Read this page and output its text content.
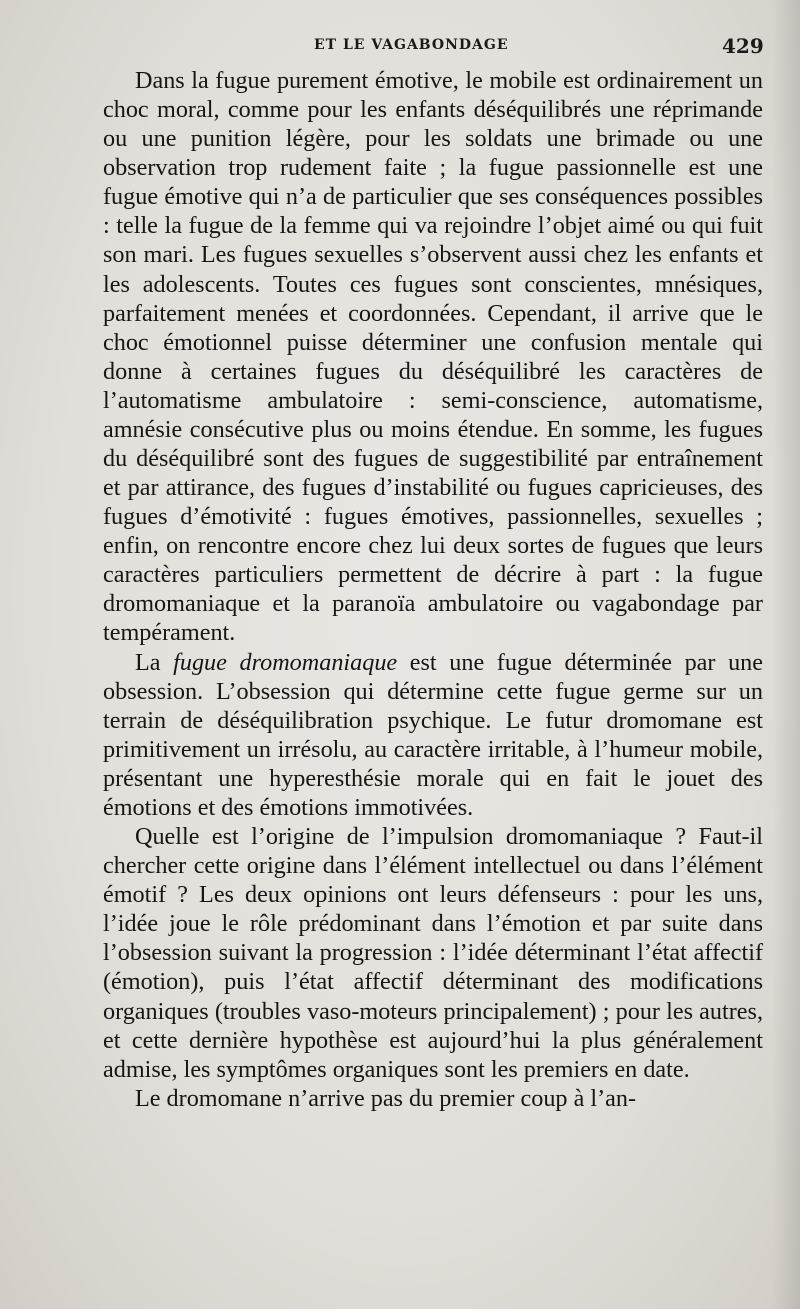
ET LE VAGABONDAGE	429

Dans la fugue purement émotive, le mobile est ordinairement un choc moral, comme pour les enfants déséquilibrés une réprimande ou une punition légère, pour les soldats une brimade ou une observation trop rudement faite ; la fugue passionnelle est une fugue émotive qui n’a de particulier que ses conséquences possibles : telle la fugue de la femme qui va rejoindre l’objet aimé ou qui fuit son mari. Les fugues sexuelles s’observent aussi chez les enfants et les adolescents. Toutes ces fugues sont conscientes, mnésiques, parfaitement menées et coordonnées. Cependant, il arrive que le choc émotionnel puisse déterminer une confusion mentale qui donne à certaines fugues du déséquilibré les caractères de l’automatisme ambulatoire : semi-conscience, automatisme, amnésie consécutive plus ou moins étendue. En somme, les fugues du déséquilibré sont des fugues de suggestibilité par entraînement et par attirance, des fugues d’instabilité ou fugues capricieuses, des fugues d’émotivité : fugues émotives, passionnelles, sexuelles ; enfin, on rencontre encore chez lui deux sortes de fugues que leurs caractères particuliers permettent de décrire à part : la fugue dromomaniaque et la paranoïa ambulatoire ou vagabondage par tempérament.

La fugue dromomaniaque est une fugue déterminée par une obsession. L’obsession qui détermine cette fugue germe sur un terrain de déséquilibration psychique. Le futur dromomane est primitivement un irrésolu, au caractère irritable, à l’humeur mobile, présentant une hyperesthésie morale qui en fait le jouet des émotions et des émotions immotivées.

Quelle est l’origine de l’impulsion dromomaniaque ? Faut-il chercher cette origine dans l’élément intellectuel ou dans l’élément émotif ? Les deux opinions ont leurs défenseurs : pour les uns, l’idée joue le rôle prédominant dans l’émotion et par suite dans l’obsession suivant la progression : l’idée déterminant l’état affectif (émotion), puis l’état affectif déterminant des modifications organiques (troubles vaso-moteurs principalement) ; pour les autres, et cette dernière hypothèse est aujourd’hui la plus généralement admise, les symptômes organiques sont les premiers en date.

Le dromomane n’arrive pas du premier coup à l’an-
